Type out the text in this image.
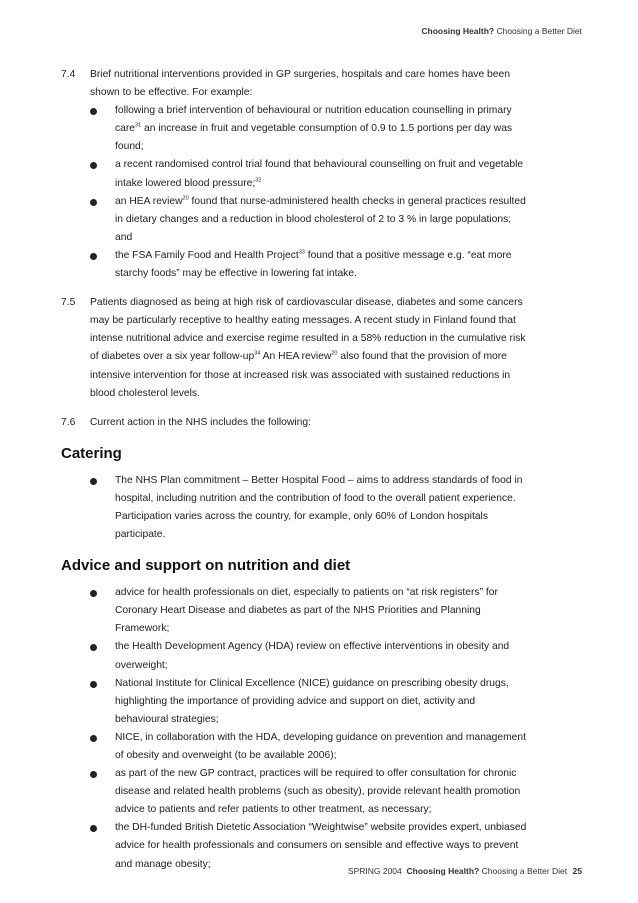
Choosing Health? Choosing a Better Diet
7.4 Brief nutritional interventions provided in GP surgeries, hospitals and care homes have been shown to be effective. For example:
following a brief intervention of behavioural or nutrition education counselling in primary care$^{31}$ an increase in fruit and vegetable consumption of 0.9 to 1.5 portions per day was found;
a recent randomised control trial found that behavioural counselling on fruit and vegetable intake lowered blood pressure;$^{32}$
an HEA review$^{20}$ found that nurse-administered health checks in general practices resulted in dietary changes and a reduction in blood cholesterol of 2 to 3 % in large populations; and
the FSA Family Food and Health Project$^{33}$ found that a positive message e.g. “eat more starchy foods” may be effective in lowering fat intake.
7.5 Patients diagnosed as being at high risk of cardiovascular disease, diabetes and some cancers may be particularly receptive to healthy eating messages. A recent study in Finland found that intense nutritional advice and exercise regime resulted in a 58% reduction in the cumulative risk of diabetes over a six year follow-$up^{34}$ An HEA review$^{20}$ also found that the provision of more intensive intervention for those at increased risk was associated with sustained reductions in blood cholesterol levels.
7.6 Current action in the NHS includes the following:
Catering
The NHS Plan commitment – Better Hospital Food – aims to address standards of food in hospital, including nutrition and the contribution of food to the overall patient experience. Participation varies across the country, for example, only 60% of London hospitals participate.
Advice and support on nutrition and diet
advice for health professionals on diet, especially to patients on “at risk registers” for Coronary Heart Disease and diabetes as part of the NHS Priorities and Planning Framework;
the Health Development Agency (HDA) review on effective interventions in obesity and overweight;
National Institute for Clinical Excellence (NICE) guidance on prescribing obesity drugs, highlighting the importance of providing advice and support on diet, activity and behavioural strategies;
NICE, in collaboration with the HDA, developing guidance on prevention and management of obesity and overweight (to be available 2006);
as part of the new GP contract, practices will be required to offer consultation for chronic disease and related health problems (such as obesity), provide relevant health promotion advice to patients and refer patients to other treatment, as necessary;
the DH-funded British Dietetic Association “Weightwise” website provides expert, unbiased advice for health professionals and consumers on sensible and effective ways to prevent and manage obesity;
SPRING 2004 Choosing Health? Choosing a Better Diet 25
